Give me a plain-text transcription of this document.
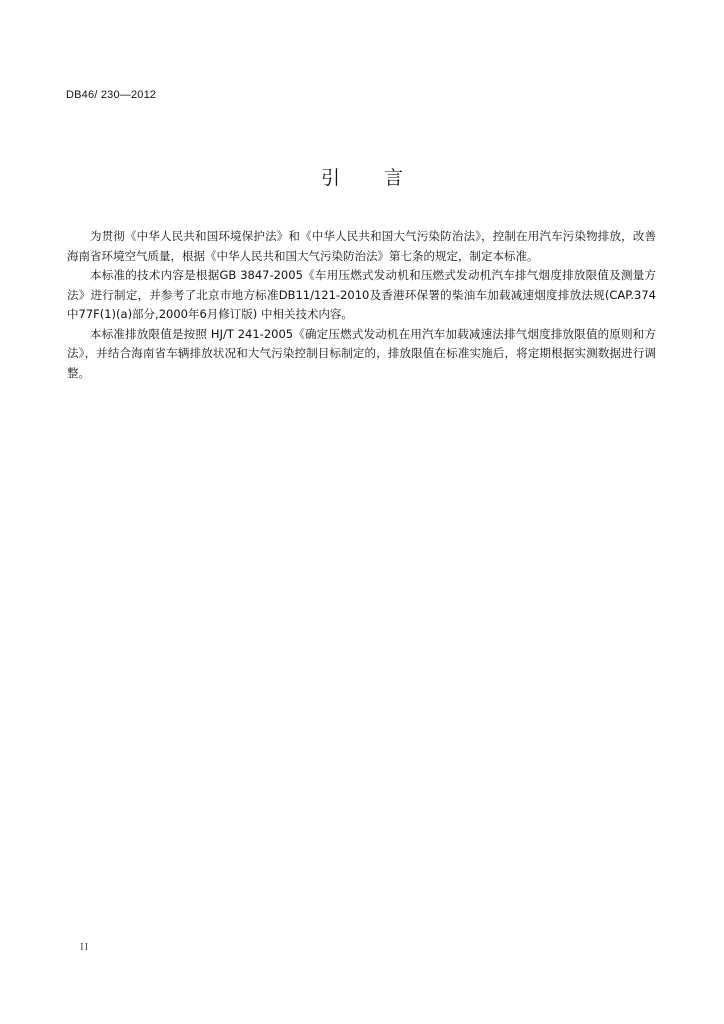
DB46/ 230—2012
引 言

为贯彻《中华人民共和国环境保护法》和《中华人民共和国大气污染防治法》，控制在用汽车污染物排放，改善海南省环境空气质量，根据《中华人民共和国大气污染防治法》第七条的规定，制定本标准。

本标准的技术内容是根据GB 3847-2005《车用压燃式发动机和压燃式发动机汽车排气烟度排放限值及测量方法》进行制定，并参考了北京市地方标准DB11/121-2010及香港环保署的柴油车加载减速烟度排放法规(CAP.374中77F(1)(a)部分,2000年6月修订版) 中相关技术内容。

本标准排放限值是按照 HJ/T 241-2005《确定压燃式发动机在用汽车加载减速法排气烟度排放限值的原则和方法》，并结合海南省车辆排放状况和大气污染控制目标制定的，排放限值在标准实施后，将定期根据实测数据进行调整。

II
